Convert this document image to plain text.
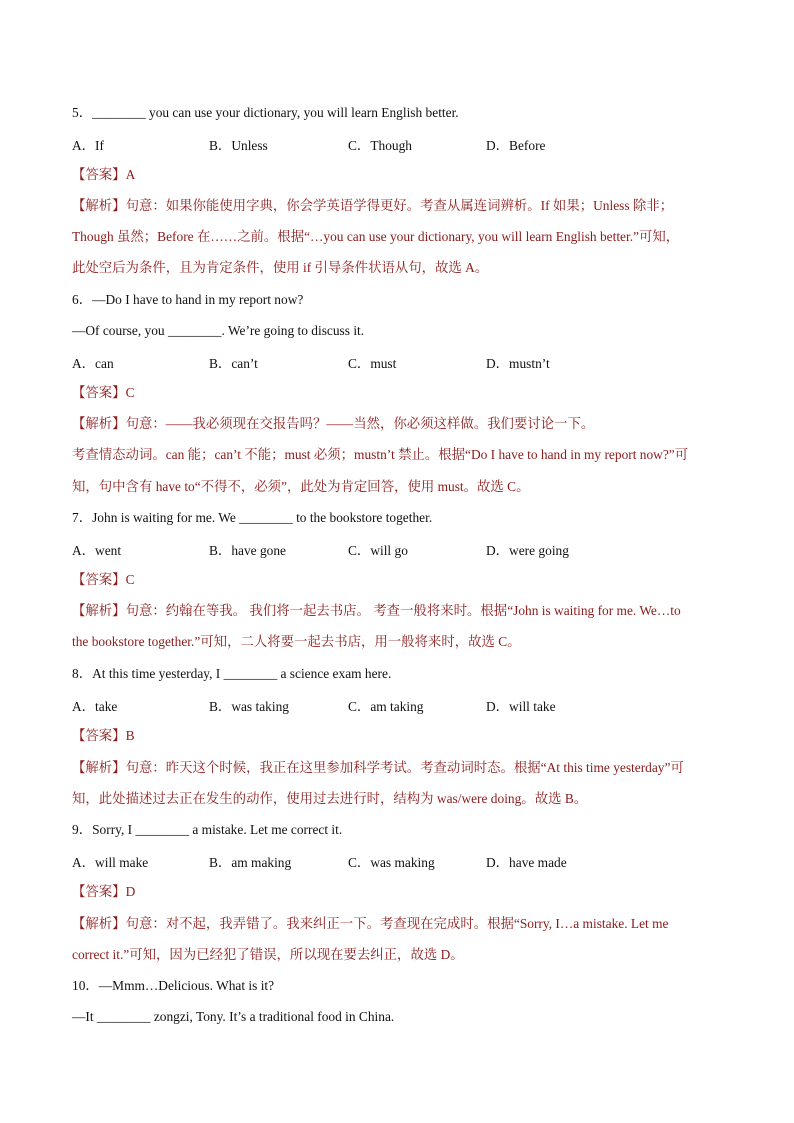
5．________ you can use your dictionary, you will learn English better.
A．If	B．Unless	C．Though	D．Before
【答案】A
【解析】句意：如果你能使用字典，你会学英语学得更好。考查从属连词辨析。If 如果；Unless 除非；
Though 虽然；Before 在……之前。根据“…you can use your dictionary, you will learn English better.”可知，
此处空后为条件，且为肯定条件，使用 if 引导条件状语从句，故选 A。
6．—Do I have to hand in my report now?
—Of course, you ________. We’re going to discuss it.
A．can	B．can’t	C．must	D．mustn’t
【答案】C
【解析】句意：——我必须现在交报告吗？——当然，你必须这样做。我们要讨论一下。
考查情态动词。can 能；can’t 不能；must 必须；mustn’t 禁止。根据“Do I have to hand in my report now?”可
知，句中含有 have to“不得不，必须”，此处为肯定回答，使用 must。故选 C。
7．John is waiting for me. We ________ to the bookstore together.
A．went	B．have gone	C．will go	D．were going
【答案】C
【解析】句意：约翰在等我。 我们将一起去书店。 考查一般将来时。根据“John is waiting for me. We…to
the bookstore together.”可知，二人将要一起去书店，用一般将来时，故选 C。
8．At this time yesterday, I ________ a science exam here.
A．take	B．was taking	C．am taking	D．will take
【答案】B
【解析】句意：昨天这个时候，我正在这里参加科学考试。考查动词时态。根据“At this time yesterday”可
知，此处描述过去正在发生的动作，使用过去进行时，结构为 was/were doing。故选 B。
9．Sorry, I ________ a mistake. Let me correct it.
A．will make	B．am making	C．was making	D．have made
【答案】D
【解析】句意：对不起，我弄错了。我来纠正一下。考查现在完成时。根据“Sorry, I…a mistake. Let me
correct it.”可知，因为已经犯了错误，所以现在要去纠正，故选 D。
10．—Mmm…Delicious. What is it?
—It ________ zongzi, Tony. It’s a traditional food in China.
